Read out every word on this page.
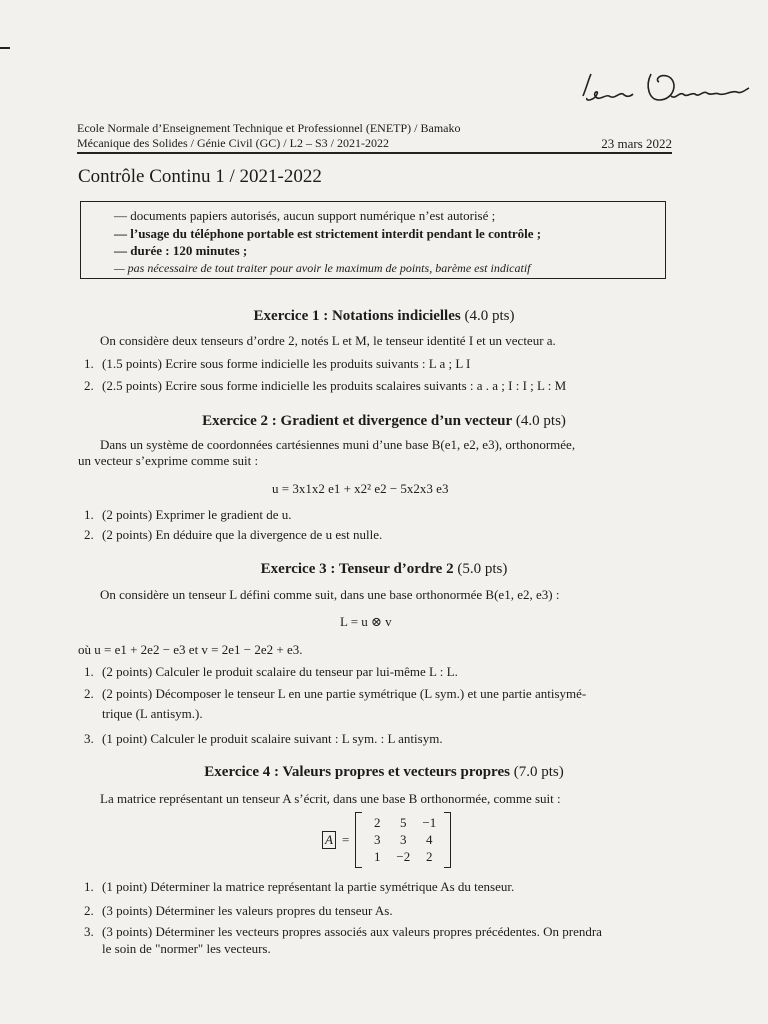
Ecole Normale d’Enseignement Technique et Professionnel (ENETP) / Bamako
Mécanique des Solides / Génie Civil (GC) / L2 – S3 / 2021-2022	23 mars 2022
Contrôle Continu 1 / 2021-2022
— documents papiers autorisés, aucun support numérique n’est autorisé ;
— l’usage du téléphone portable est strictement interdit pendant le contrôle ;
— durée : 120 minutes ;
— pas nécessaire de tout traiter pour avoir le maximum de points, barème est indicatif
Exercice 1 : Notations indicielles (4.0 pts)
On considère deux tenseurs d’ordre 2, notés L et M, le tenseur identité I et un vecteur a.
1. (1.5 points) Ecrire sous forme indicielle les produits suivants : L a ; L I
2. (2.5 points) Ecrire sous forme indicielle les produits scalaires suivants : a . a ; I : I ; L : M
Exercice 2 : Gradient et divergence d’un vecteur (4.0 pts)
Dans un système de coordonnées cartésiennes muni d’une base B(e1, e2, e3), orthonormée,
un vecteur s’exprime comme suit :
u = 3x1x2 e1 + x2² e2 − 5x2x3 e3
1. (2 points) Exprimer le gradient de u.
2. (2 points) En déduire que la divergence de u est nulle.
Exercice 3 : Tenseur d’ordre 2 (5.0 pts)
On considère un tenseur L défini comme suit, dans une base orthonormée B(e1, e2, e3) :
L = u ⊗ v
où u = e1 + 2e2 − e3 et v = 2e1 − 2e2 + e3.
1. (2 points) Calculer le produit scalaire du tenseur par lui-même L : L.
2. (2 points) Décomposer le tenseur L en une partie symétrique (L sym.) et une partie antisymé-
trique (L antisym.).
3. (1 point) Calculer le produit scalaire suivant : L sym. : L antisym.
Exercice 4 : Valeurs propres et vecteurs propres (7.0 pts)
La matrice représentant un tenseur A s’écrit, dans une base B orthonormée, comme suit :
A =
2	5	−1
3	3	4
1	−2	2
1. (1 point) Déterminer la matrice représentant la partie symétrique As du tenseur.
2. (3 points) Déterminer les valeurs propres du tenseur As.
3. (3 points) Déterminer les vecteurs propres associés aux valeurs propres précédentes. On prendra
le soin de "normer" les vecteurs.
